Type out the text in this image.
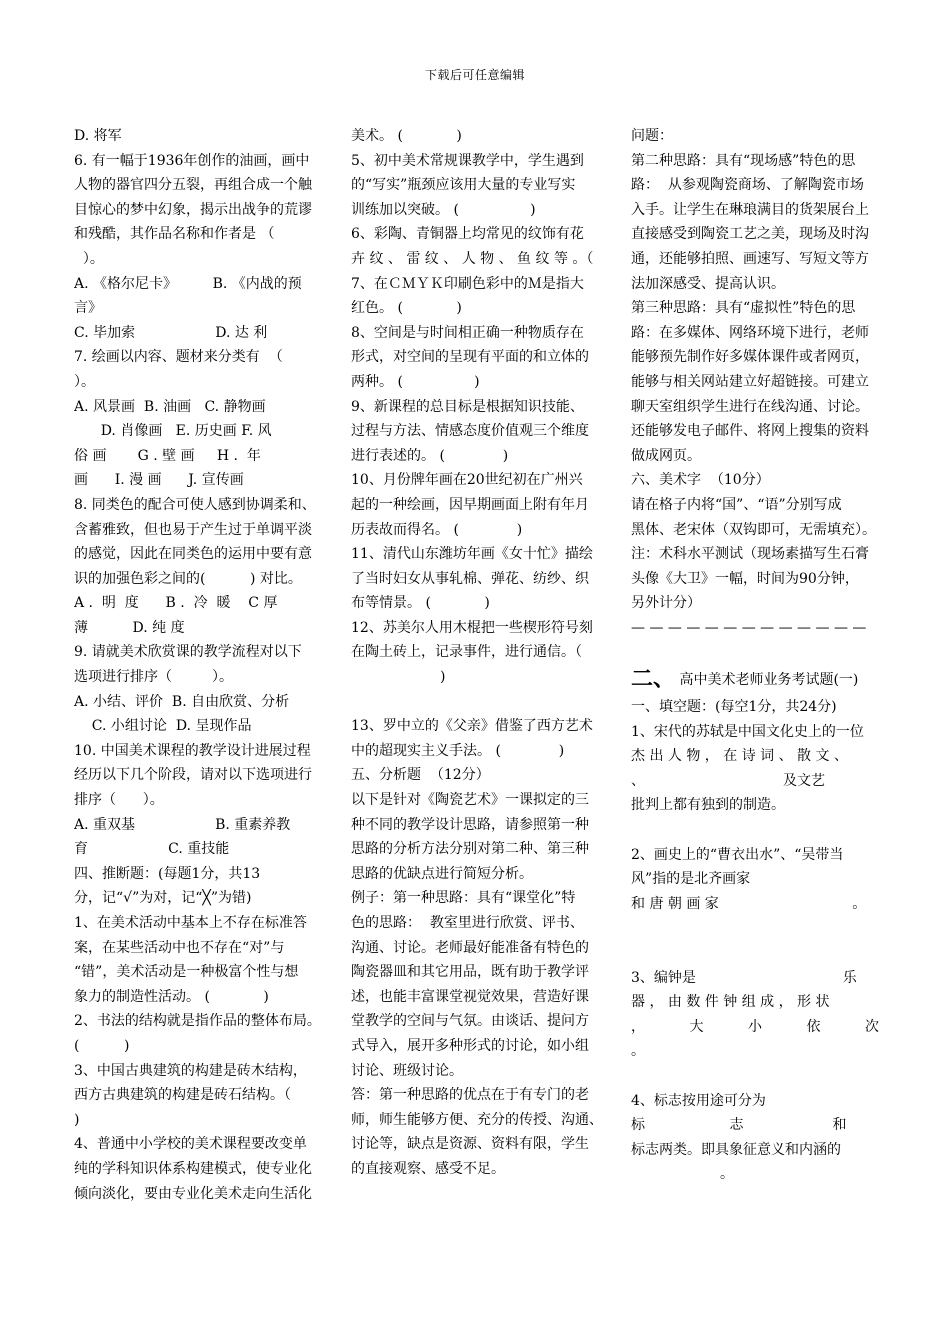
下载后可任意编辑
D. 将军
6. 有一幅于1936年创作的油画，画中
人物的器官四分五裂，再组合成一个触
目惊心的梦中幻象，揭示出战争的荒谬
和残酷，其作品名称和作者是 （
）。
A. 《格尔尼卡》        B. 《内战的预
言》
C. 毕加索                  D. 达 利
7. 绘画以内容、题材来分类有  （
）。
A. 风景画  B. 油画   C. 静物画
D. 肖像画   E. 历史画 F. 风
俗 画       G . 壁 画     H .  年
画      I. 漫 画      J. 宣传画
8. 同类色的配合可使人感到协调柔和、
含蓄雅致，但也易于产生过于单调平淡
的感觉，因此在同类色的运用中要有意
识的加强色彩之间的(          ) 对比。
A .  明  度      B .  冷  暖    C 厚
薄          D. 纯 度
9. 请就美术欣赏课的教学流程对以下
选项进行排序（         ）。
A. 小结、评价  B. 自由欣赏、分析
C. 小组讨论  D. 呈现作品
10. 中国美术课程的教学设计进展过程
经历以下几个阶段，请对以下选项进行
排序（      ）。
A. 重双基                  B. 重素养教
育                  C. 重技能
四、推断题：(每题1分，共13
分，记“√”为对，记“╳”为错)
1、在美术活动中基本上不存在标准答
案，在某些活动中也不存在“对”与
“错”，美术活动是一种极富个性与想
象力的制造性活动。 (            )
2、书法的结构就是指作品的整体布局。
(          )
3、中国古典建筑的构建是砖木结构，
西方古典建筑的构建是砖石结构。（
)
4、普通中小学校的美术课程要改变单
纯的学科知识体系构建模式，使专业化
倾向淡化，要由专业化美术走向生活化
美术。 (            )
5、初中美术常规课教学中，学生遇到
的“写实”瓶颈应该用大量的专业写实
训练加以突破。 (                )
6、彩陶、青铜器上均常见的纹饰有花
卉 纹 、 雷 纹 、 人 物 、 鱼 纹 等 。（
7、在ＣＭＹＫ印刷色彩中的Ｍ是指大
红色。 (            )
8、空间是与时间相正确一种物质存在
形式，对空间的呈现有平面的和立体的
两种。 (                )
9、新课程的总目标是根据知识技能、
过程与方法、情感态度价值观三个维度
进行表述的。 (             )
10、月份牌年画在20世纪初在广州兴
起的一种绘画，因早期画面上附有年月
历表故而得名。 (             )
11、清代山东潍坊年画《女十忙》描绘
了当时妇女从事轧棉、弹花、纺纱、织
布等情景。 (            )
12、苏美尔人用木棍把一些楔形符号刻
在陶土砖上，记录事件，进行通信。（
)
13、罗中立的《父亲》借鉴了西方艺术
中的超现实主义手法。 (             )
五、分析题  （12分）
以下是针对《陶瓷艺术》一课拟定的三
种不同的教学设计思路，请参照第一种
思路的分析方法分别对第二种、第三种
思路的优缺点进行简短分析。
例子：第一种思路：具有“课堂化”特
色的思路：  教室里进行欣赏、评书、
沟通、讨论。老师最好能准备有特色的
陶瓷器皿和其它用品，既有助于教学评
述，也能丰富课堂视觉效果，营造好课
堂教学的空间与气氛。由谈话、提问方
式导入，展开多种形式的讨论，如小组
讨论、班级讨论。
答：第一种思路的优点在于有专门的老
师，师生能够方便、充分的传授、沟通、
讨论等，缺点是资源、资料有限，学生
的直接观察、感受不足。
问题：
第二种思路：具有“现场感”特色的思
路：  从参观陶瓷商场、了解陶瓷市场
入手。让学生在琳琅满目的货架展台上
直接感受到陶瓷工艺之美，现场及时沟
通，还能够拍照、画速写、写短文等方
法加深感受、提高认识。
第三种思路：具有“虚拟性”特色的思
路：在多媒体、网络环境下进行，老师
能够预先制作好多媒体课件或者网页，
能够与相关网站建立好超链接。可建立
聊天室组织学生进行在线沟通、讨论。
还能够发电子邮件、将网上搜集的资料
做成网页。
六、美术字  （10分）
请在格子内将“国”、“语”分别写成
黑体、老宋体（双钩即可，无需填充）。
注：术科水平测试（现场素描写生石膏
头像《大卫》一幅，时间为90分钟，
另外计分）
— — — — — — — — — — — — —
二、 高中美术老师业务考试题(一)
一、填空题：(每空1分，共24分)
1、宋代的苏轼是中国文化史上的一位
杰 出 人 物 ， 在 诗 词 、 散 文 、
、                               及文艺
批判上都有独到的制造。
2、画史上的“曹衣出水”、“吴带当
风”指的是北齐画家
和 唐 朝 画 家                              。
3、编钟是                                 乐
器 ， 由 数 件 钟 组 成 ， 形 状
，          大          小          依          次
。
4、标志按用途可分为
标                   志                    和
标志两类。即具象征意义和内涵的
。
